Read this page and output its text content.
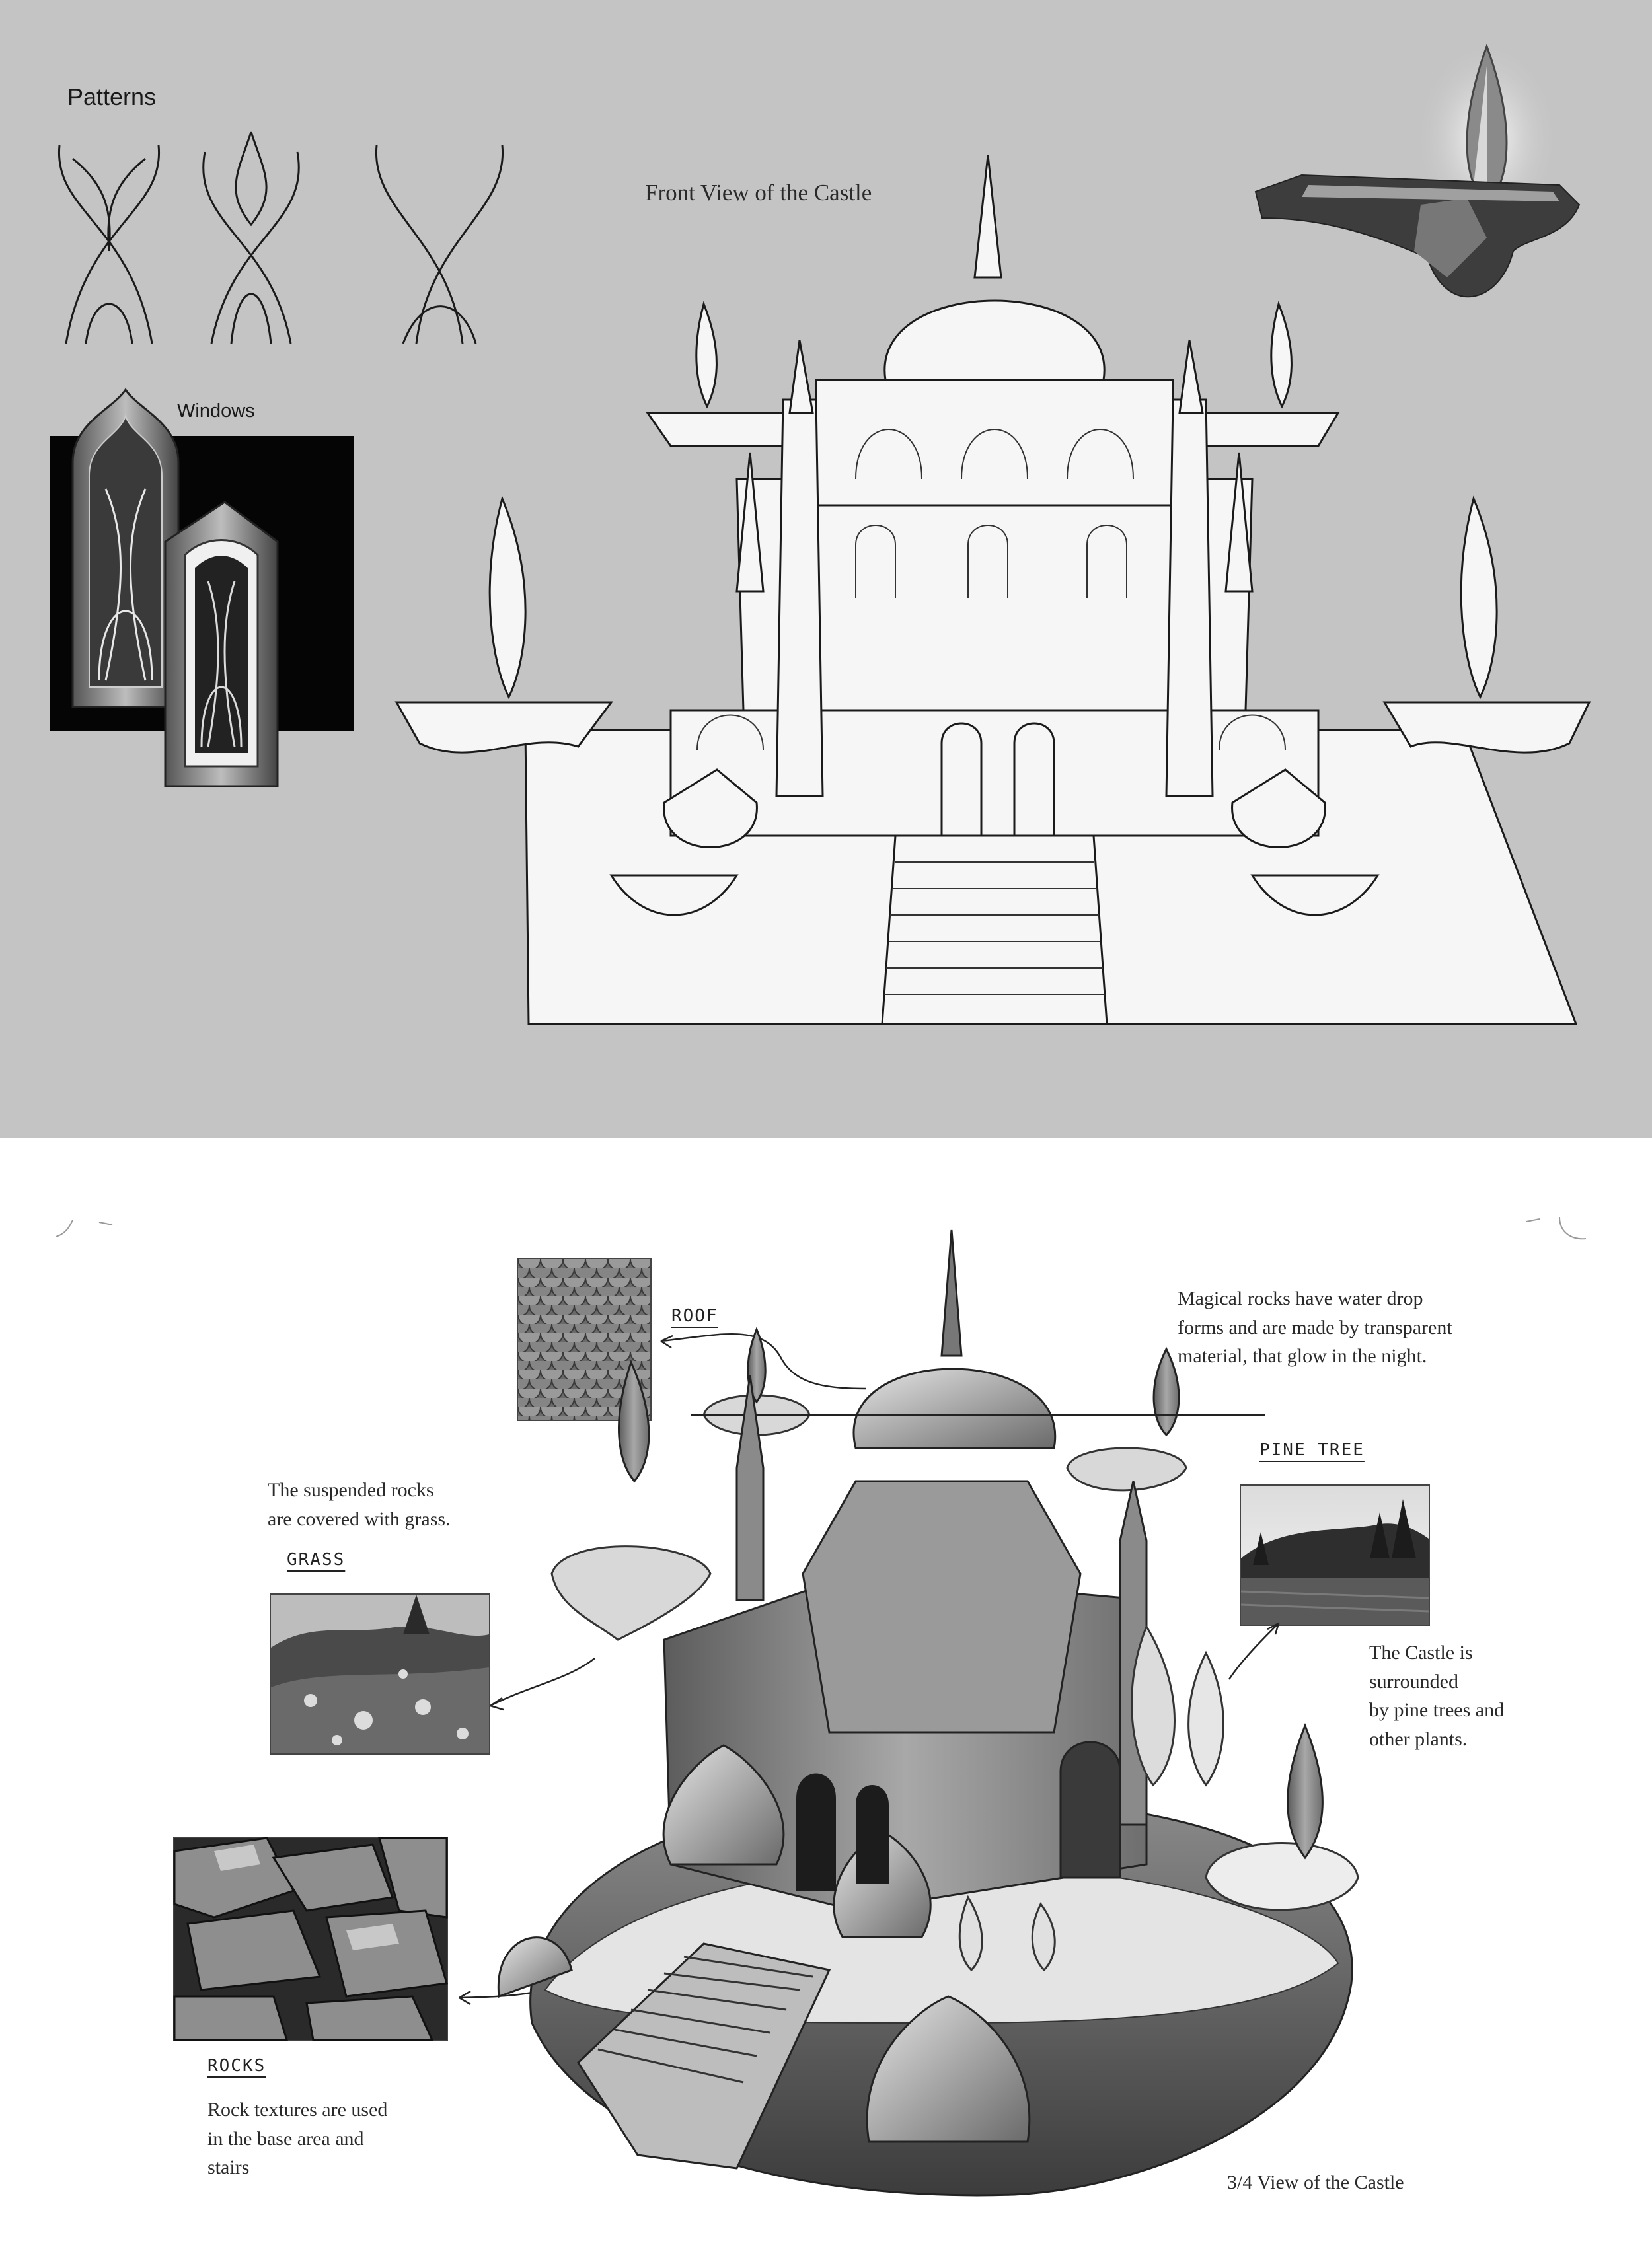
Patterns
Windows
Front View of the Castle
ROOF
Magical rocks have water drop
forms and are made by transparent
material, that glow in the night.
PINE TREE
The suspended rocks
are covered with grass.
GRASS
The Castle is
surrounded
by pine trees and
other plants.
ROCKS
Rock textures are used
in the base area and
stairs
3/4 View of the Castle
